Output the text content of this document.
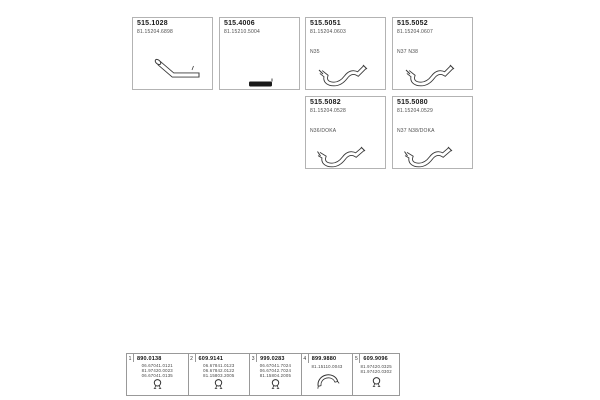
515.1028
81.15204.6898
515.4006
81.15210.5004
515.5051
81.15204.0603
N35
515.5052
81.15204.0607
N37 N38
515.5082
81.15204.0528
N36/DOKA
515.5080
81.15204.0529
N37 N38/DOKA
1	890.0138
06.67041.0121
81.97420.0023
06.67041.0135
2	609.9141
06.67841.0123
06.67842.0122
81.15803.2005
3	999.0283
06.67041.7024
06.67042.7024
81.15804.2005
4	899.9880
81.15110.0043
5	609.9096
81.97420.0325
81.97420.0302
